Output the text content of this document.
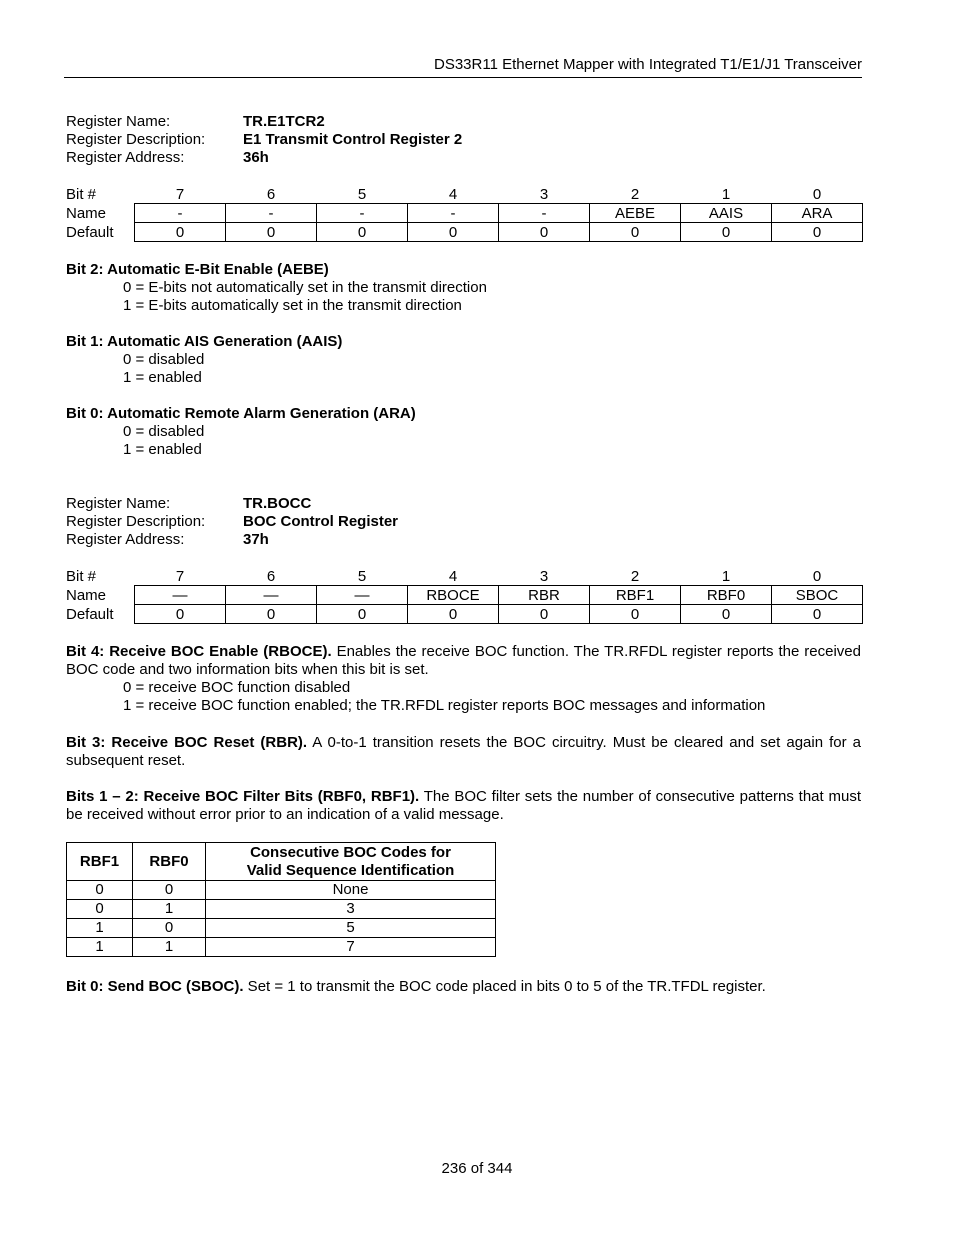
DS33R11 Ethernet Mapper with Integrated T1/E1/J1 Transceiver
Register Name:	TR.E1TCR2
Register Description:	E1 Transmit Control Register 2
Register Address:	36h
Bit #	7	6	5	4	3	2	1	0
Name	-	-	-	-	-	AEBE	AAIS	ARA
Default	0	0	0	0	0	0	0	0
Bit 2: Automatic E-Bit Enable (AEBE)
0 = E-bits not automatically set in the transmit direction
1 = E-bits automatically set in the transmit direction
Bit 1: Automatic AIS Generation (AAIS)
0 = disabled
1 = enabled
Bit 0: Automatic Remote Alarm Generation (ARA)
0 = disabled
1 = enabled
Register Name:	TR.BOCC
Register Description:	BOC Control Register
Register Address:	37h
Bit #	7	6	5	4	3	2	1	0
Name	—	—	—	RBOCE	RBR	RBF1	RBF0	SBOC
Default	0	0	0	0	0	0	0	0
Bit 4: Receive BOC Enable (RBOCE). Enables the receive BOC function. The TR.RFDL register reports the received BOC code and two information bits when this bit is set.
0 = receive BOC function disabled
1 = receive BOC function enabled; the TR.RFDL register reports BOC messages and information
Bit 3: Receive BOC Reset (RBR). A 0-to-1 transition resets the BOC circuitry. Must be cleared and set again for a subsequent reset.
Bits 1 – 2: Receive BOC Filter Bits (RBF0, RBF1). The BOC filter sets the number of consecutive patterns that must be received without error prior to an indication of a valid message.
RBF1	RBF0	Consecutive BOC Codes for
Valid Sequence Identification

0	0	None
0	1	3
1	0	5
1	1	7
Bit 0: Send BOC (SBOC). Set = 1 to transmit the BOC code placed in bits 0 to 5 of the TR.TFDL register.
236 of 344
